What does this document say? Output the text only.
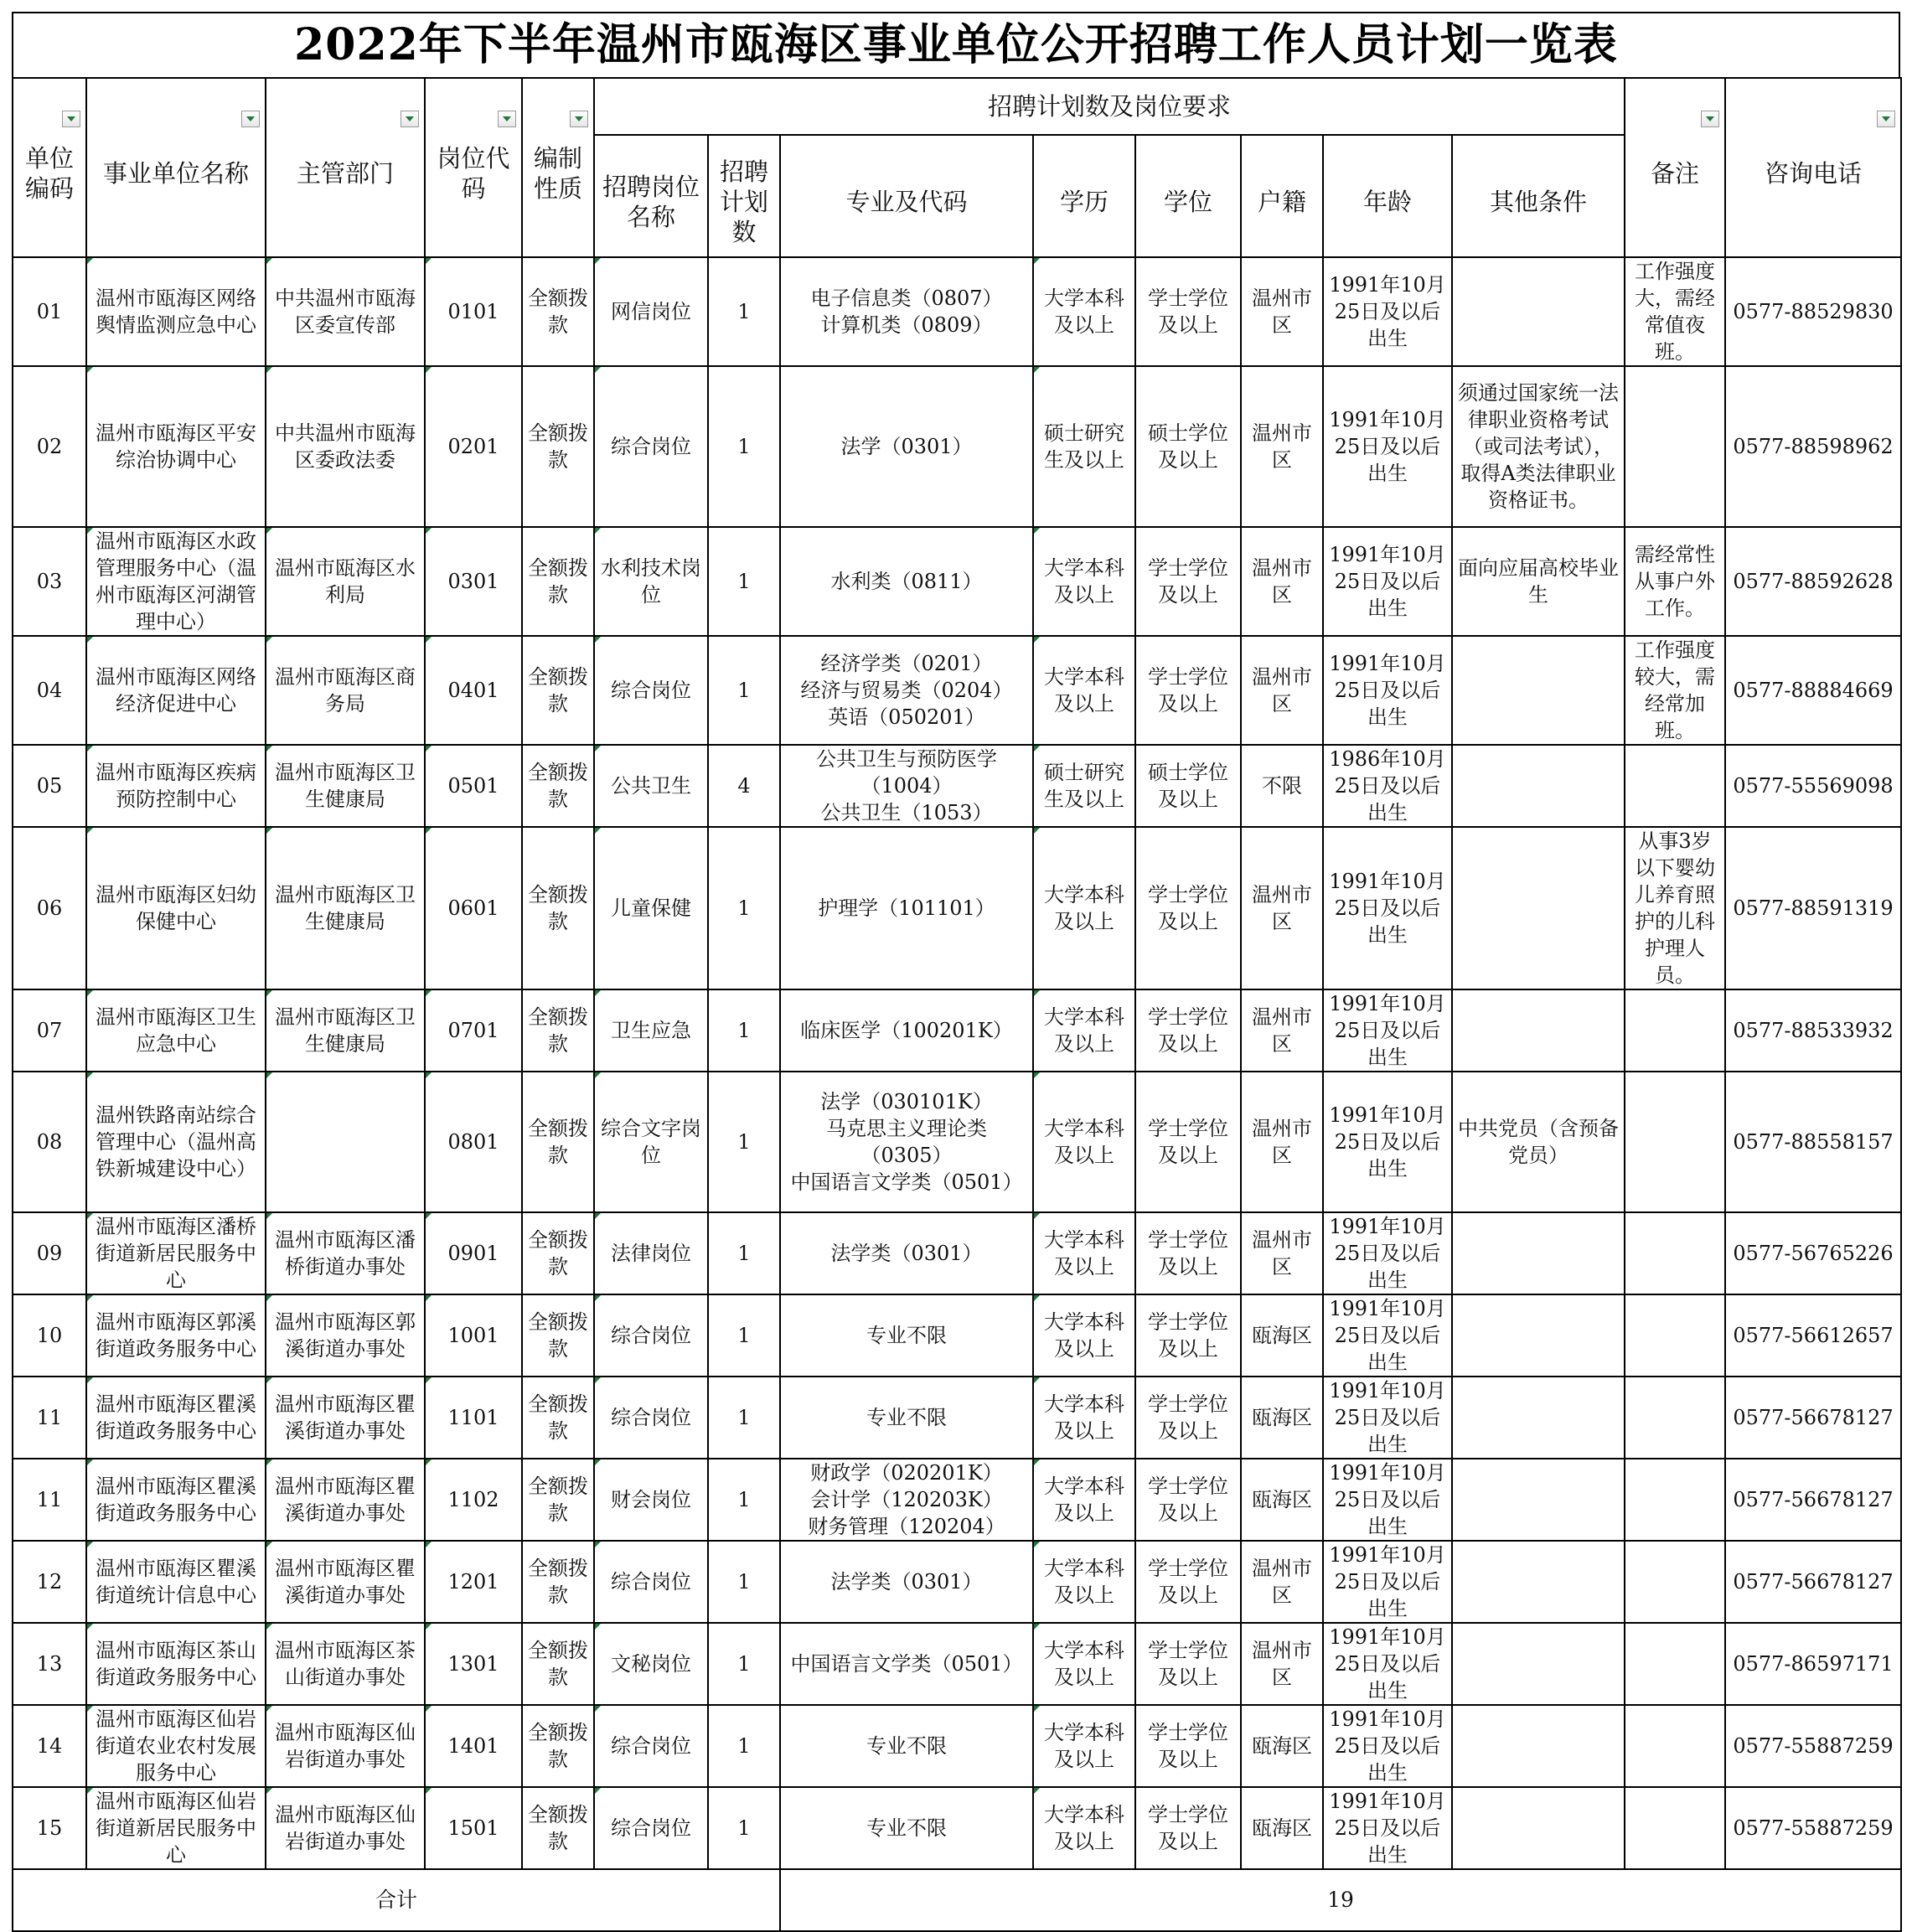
2022年下半年温州市瓯海区事业单位公开招聘工作人员计划一览表
单位编码	事业单位名称	主管部门	岗位代码	编制性质	招聘计划数及岗位要求								备注	咨询电话

					招聘岗位名称	招聘计划数	专业及代码	学历	学位	户籍	年龄	其他条件		

01	温州市瓯海区网络舆情监测应急中心	中共温州市瓯海区委宣传部	0101	全额拨款	网信岗位	1	电子信息类（0807）
计算机类（0809）	大学本科及以上	学士学位及以上	温州市区	1991年10月25日及以后出生		工作强度大，需经常值夜班。	0577-88529830
02	温州市瓯海区平安综治协调中心	中共温州市瓯海区委政法委	0201	全额拨款	综合岗位	1	法学（0301）	硕士研究生及以上	硕士学位及以上	温州市区	1991年10月25日及以后出生	须通过国家统一法律职业资格考试（或司法考试），取得A类法律职业资格证书。		0577-88598962
03	温州市瓯海区水政管理服务中心（温州市瓯海区河湖管理中心）	温州市瓯海区水利局	0301	全额拨款	水利技术岗位	1	水利类（0811）	大学本科及以上	学士学位及以上	温州市区	1991年10月25日及以后出生	面向应届高校毕业生	需经常性从事户外工作。	0577-88592628
04	温州市瓯海区网络经济促进中心	温州市瓯海区商务局	0401	全额拨款	综合岗位	1	经济学类（0201）
经济与贸易类（0204）
英语（050201）	大学本科及以上	学士学位及以上	温州市区	1991年10月25日及以后出生		工作强度较大，需经常加班。	0577-88884669
05	温州市瓯海区疾病预防控制中心	温州市瓯海区卫生健康局	0501	全额拨款	公共卫生	4	公共卫生与预防医学（1004）
公共卫生（1053）	硕士研究生及以上	硕士学位及以上	不限	1986年10月25日及以后出生			0577-55569098
06	温州市瓯海区妇幼保健中心	温州市瓯海区卫生健康局	0601	全额拨款	儿童保健	1	护理学（101101）	大学本科及以上	学士学位及以上	温州市区	1991年10月25日及以后出生		从事3岁以下婴幼儿养育照护的儿科护理人员。	0577-88591319
07	温州市瓯海区卫生应急中心	温州市瓯海区卫生健康局	0701	全额拨款	卫生应急	1	临床医学（100201K）	大学本科及以上	学士学位及以上	温州市区	1991年10月25日及以后出生			0577-88533932
08	温州铁路南站综合管理中心（温州高铁新城建设中心）		0801	全额拨款	综合文字岗位	1	法学（030101K）
马克思主义理论类（0305）
中国语言文学类（0501）	大学本科及以上	学士学位及以上	温州市区	1991年10月25日及以后出生	中共党员（含预备党员）		0577-88558157
09	温州市瓯海区潘桥街道新居民服务中心	温州市瓯海区潘桥街道办事处	0901	全额拨款	法律岗位	1	法学类（0301）	大学本科及以上	学士学位及以上	温州市区	1991年10月25日及以后出生			0577-56765226
10	温州市瓯海区郭溪街道政务服务中心	温州市瓯海区郭溪街道办事处	1001	全额拨款	综合岗位	1	专业不限	大学本科及以上	学士学位及以上	瓯海区	1991年10月25日及以后出生			0577-56612657
11	温州市瓯海区瞿溪街道政务服务中心	温州市瓯海区瞿溪街道办事处	1101	全额拨款	综合岗位	1	专业不限	大学本科及以上	学士学位及以上	瓯海区	1991年10月25日及以后出生			0577-56678127
11	温州市瓯海区瞿溪街道政务服务中心	温州市瓯海区瞿溪街道办事处	1102	全额拨款	财会岗位	1	财政学（020201K）
会计学（120203K）
财务管理（120204）	大学本科及以上	学士学位及以上	瓯海区	1991年10月25日及以后出生			0577-56678127
12	温州市瓯海区瞿溪街道统计信息中心	温州市瓯海区瞿溪街道办事处	1201	全额拨款	综合岗位	1	法学类（0301）	大学本科及以上	学士学位及以上	温州市区	1991年10月25日及以后出生			0577-56678127
13	温州市瓯海区茶山街道政务服务中心	温州市瓯海区茶山街道办事处	1301	全额拨款	文秘岗位	1	中国语言文学类（0501）	大学本科及以上	学士学位及以上	温州市区	1991年10月25日及以后出生			0577-86597171
14	温州市瓯海区仙岩街道农业农村发展服务中心	温州市瓯海区仙岩街道办事处	1401	全额拨款	综合岗位	1	专业不限	大学本科及以上	学士学位及以上	瓯海区	1991年10月25日及以后出生			0577-55887259
15	温州市瓯海区仙岩街道新居民服务中心	温州市瓯海区仙岩街道办事处	1501	全额拨款	综合岗位	1	专业不限	大学本科及以上	学士学位及以上	瓯海区	1991年10月25日及以后出生			0577-55887259
合计							19							
